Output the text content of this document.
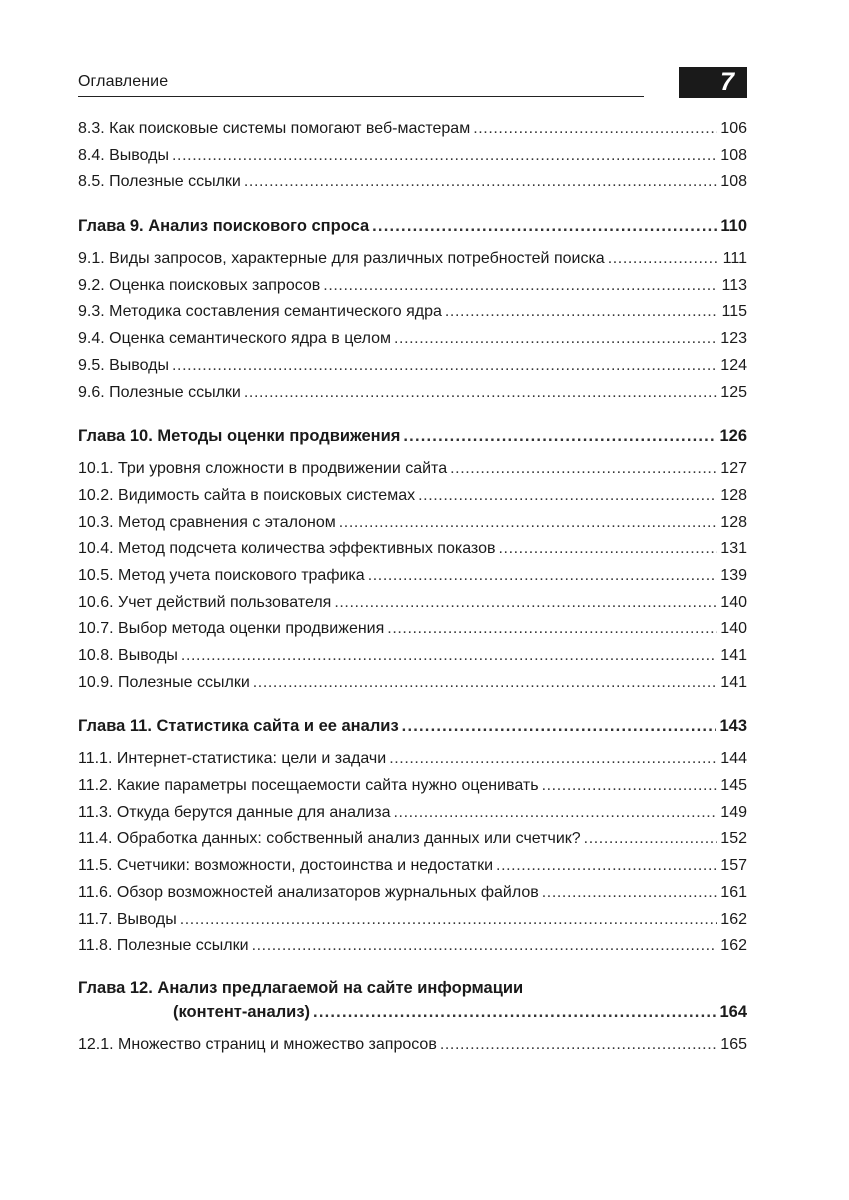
Оглавление	7
8.3. Как поисковые системы помогают веб-мастерам .....	106
8.4. Выводы .....	108
8.5. Полезные ссылки .....	108
Глава 9. Анализ поискового спроса .....	110
9.1. Виды запросов, характерные для различных потребностей поиска .....	111
9.2. Оценка поисковых запросов .....	113
9.3. Методика составления семантического ядра .....	115
9.4. Оценка семантического ядра в целом .....	123
9.5. Выводы .....	124
9.6. Полезные ссылки .....	125
Глава 10. Методы оценки продвижения .....	126
10.1. Три уровня сложности в продвижении сайта .....	127
10.2. Видимость сайта в поисковых системах .....	128
10.3. Метод сравнения с эталоном .....	128
10.4. Метод подсчета количества эффективных показов .....	131
10.5. Метод учета поискового трафика .....	139
10.6. Учет действий пользователя .....	140
10.7. Выбор метода оценки продвижения .....	140
10.8. Выводы .....	141
10.9. Полезные ссылки .....	141
Глава 11. Статистика сайта и ее анализ .....	143
11.1. Интернет-статистика: цели и задачи .....	144
11.2. Какие параметры посещаемости сайта нужно оценивать .....	145
11.3. Откуда берутся данные для анализа .....	149
11.4. Обработка данных: собственный анализ данных или счетчик? .....	152
11.5. Счетчики: возможности, достоинства и недостатки .....	157
11.6. Обзор возможностей анализаторов журнальных файлов .....	161
11.7. Выводы .....	162
11.8. Полезные ссылки .....	162
Глава 12. Анализ предлагаемой на сайте информации
(контент-анализ) .....	164
12.1. Множество страниц и множество запросов .....	165
